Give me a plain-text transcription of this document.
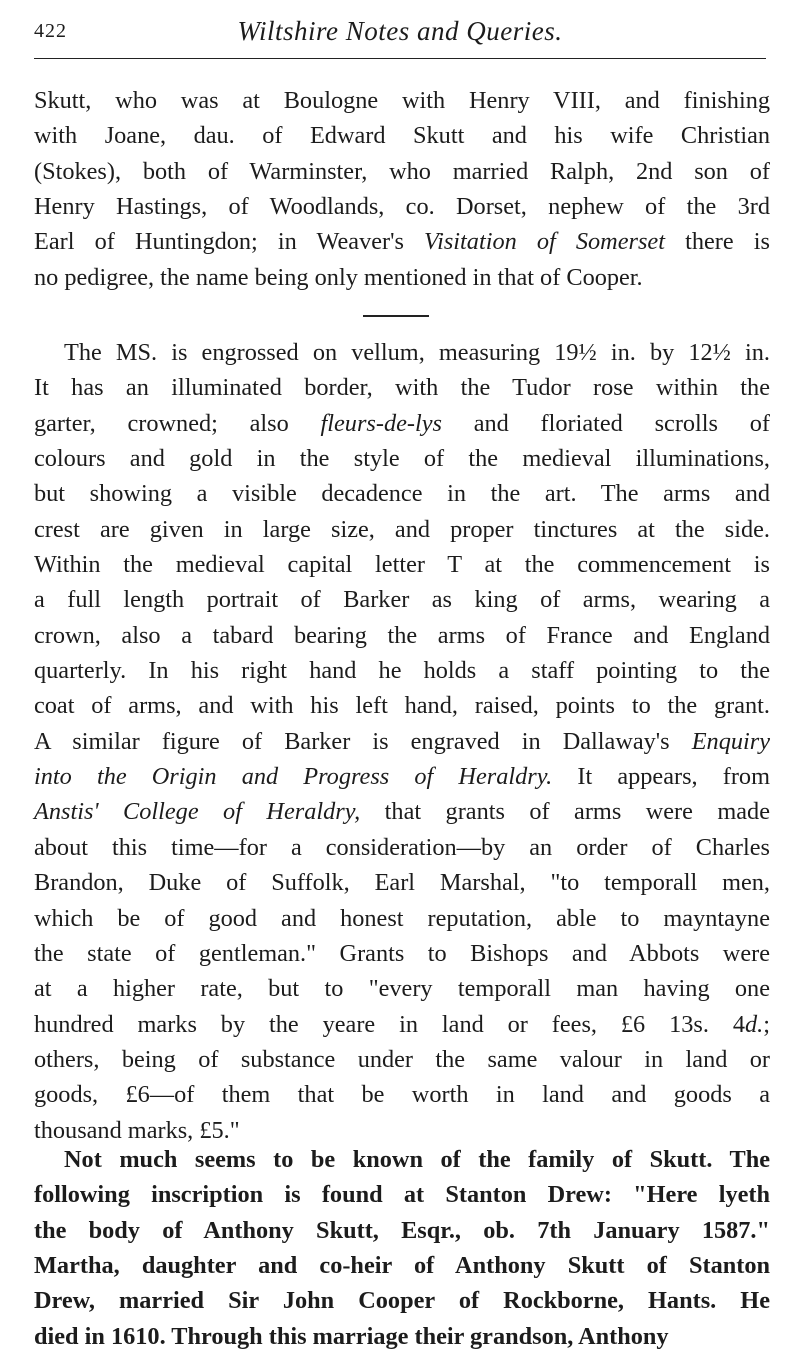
422	Wiltshire Notes and Queries.
Skutt, who was at Boulogne with Henry VIII, and finishing
with Joane, dau. of Edward Skutt and his wife Christian
(Stokes), both of Warminster, who married Ralph, 2nd son of
Henry Hastings, of Woodlands, co. Dorset, nephew of the 3rd
Earl of Huntingdon; in Weaver's Visitation of Somerset there is
no pedigree, the name being only mentioned in that of Cooper.
The MS. is engrossed on vellum, measuring 19½ in. by 12½ in.
It has an illuminated border, with the Tudor rose within the
garter, crowned; also fleurs-de-lys and floriated scrolls of
colours and gold in the style of the medieval illuminations,
but showing a visible decadence in the art. The arms and
crest are given in large size, and proper tinctures at the side.
Within the medieval capital letter T at the commencement is
a full length portrait of Barker as king of arms, wearing a
crown, also a tabard bearing the arms of France and England
quarterly. In his right hand he holds a staff pointing to the
coat of arms, and with his left hand, raised, points to the grant.
A similar figure of Barker is engraved in Dallaway's Enquiry
into the Origin and Progress of Heraldry. It appears, from
Anstis' College of Heraldry, that grants of arms were made
about this time—for a consideration—by an order of Charles
Brandon, Duke of Suffolk, Earl Marshal, "to temporall men,
which be of good and honest reputation, able to mayntayne
the state of gentleman." Grants to Bishops and Abbots were
at a higher rate, but to "every temporall man having one
hundred marks by the yeare in land or fees, £6 13s. 4d.;
others, being of substance under the same valour in land or
goods, £6—of them that be worth in land and goods a
thousand marks, £5."
Not much seems to be known of the family of Skutt. The
following inscription is found at Stanton Drew: "Here lyeth
the body of Anthony Skutt, Esqr., ob. 7th January 1587."
Martha, daughter and co-heir of Anthony Skutt of Stanton
Drew, married Sir John Cooper of Rockborne, Hants. He
died in 1610. Through this marriage their grandson, Anthony
